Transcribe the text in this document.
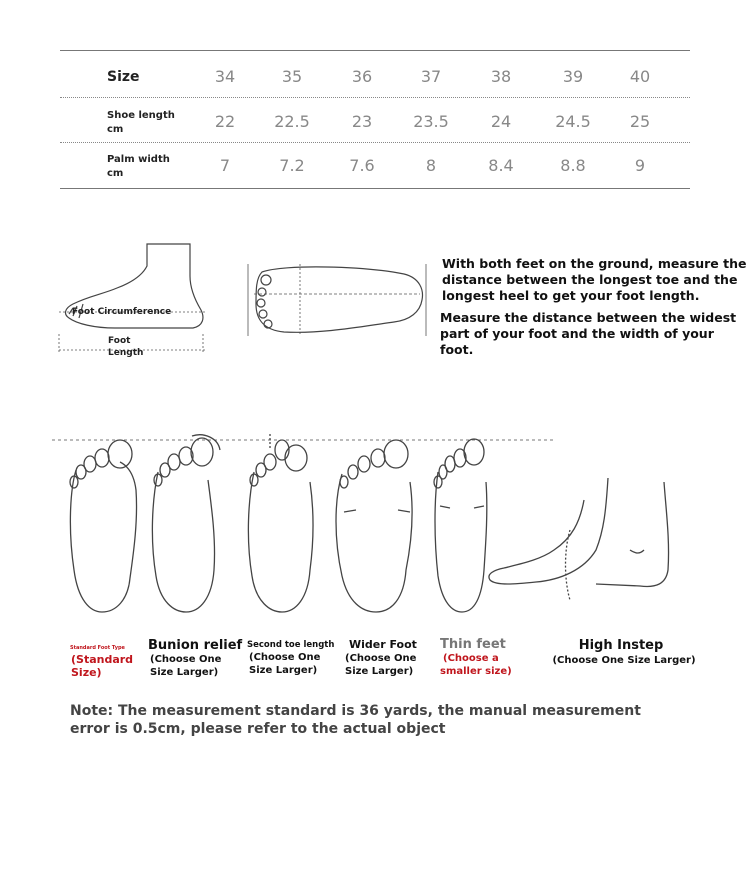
Size	34	35	36	37	38	39	40
Shoe length
cm	22	22.5	23	23.5	24	24.5	25
Palm width
cm	7	7.2	7.6	8	8.4	8.8	9
Foot Circumference
Foot
Length
With both feet on the ground, measure the
distance between the longest toe and the
longest heel to get your foot length.
Measure the distance between the widest
part of your foot and the width of your foot.
Standard Foot Type
(Standard
Size)
Bunion relief
(Choose One
Size Larger)
Second toe length
(Choose One
Size Larger)
Wider Foot
(Choose One
Size Larger)
Thin feet
(Choose a
smaller size)
High Instep
(Choose One Size Larger)
Note: The measurement standard is 36 yards, the manual measurement
error is 0.5cm, please refer to the actual object
